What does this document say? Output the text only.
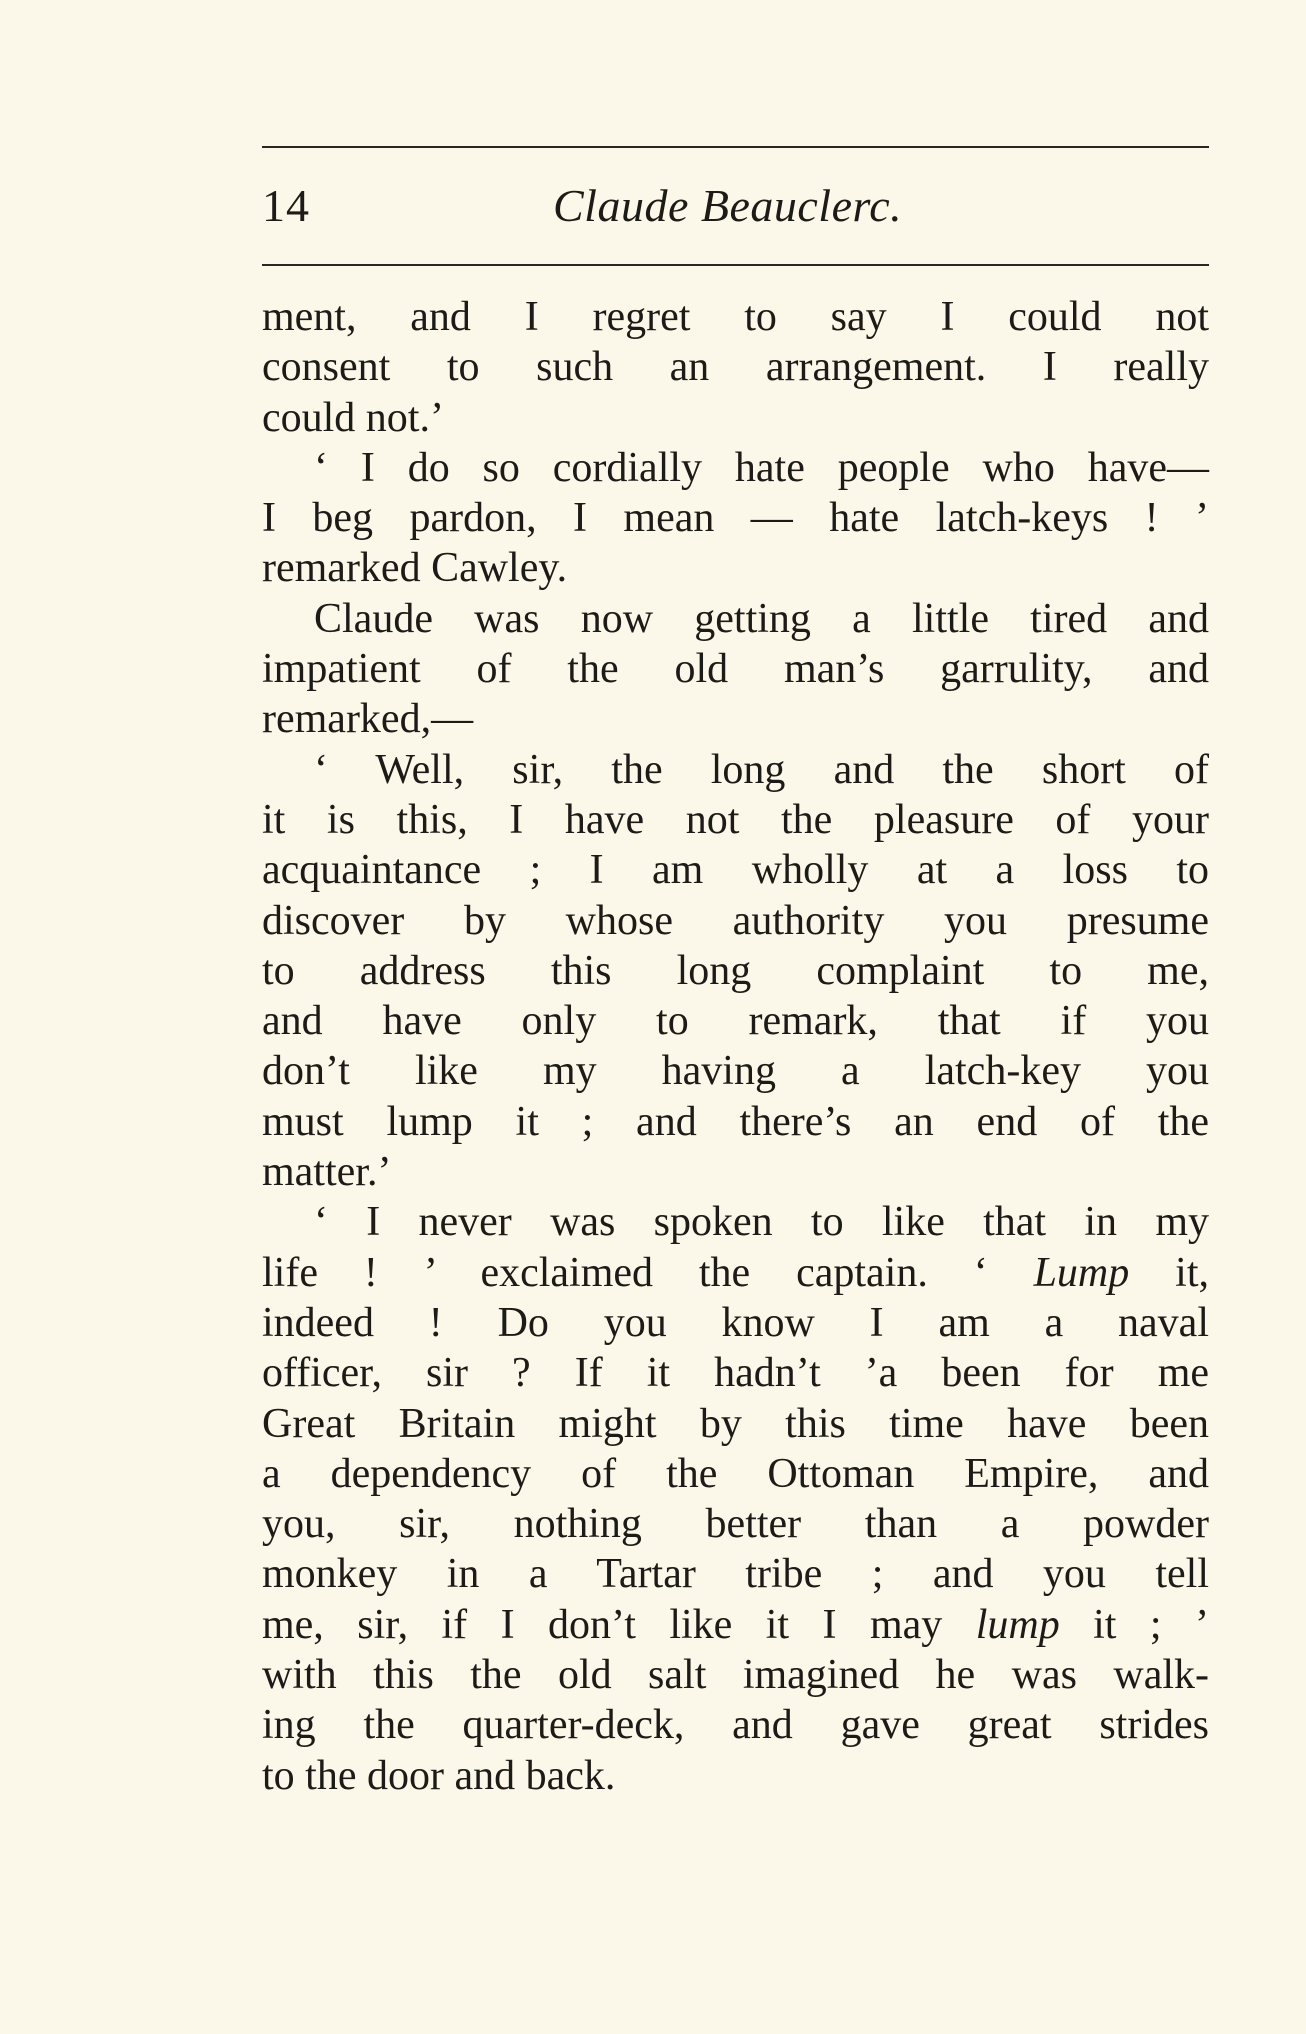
14	Claude Beauclerc.
ment, and I regret to say I could not
consent to such an arrangement. I really
could not.’
‘ I do so cordially hate people who have—
I beg pardon, I mean — hate latch-keys ! ’
remarked Cawley.
Claude was now getting a little tired and
impatient of the old man’s garrulity, and
remarked,—
‘ Well, sir, the long and the short of
it is this, I have not the pleasure of your
acquaintance ; I am wholly at a loss to
discover by whose authority you presume
to address this long complaint to me,
and have only to remark, that if you
don’t like my having a latch-key you
must lump it ; and there’s an end of the
matter.’
‘ I never was spoken to like that in my
life ! ’ exclaimed the captain. ‘ Lump it,
indeed ! Do you know I am a naval
officer, sir ? If it hadn’t ’a been for me
Great Britain might by this time have been
a dependency of the Ottoman Empire, and
you, sir, nothing better than a powder
monkey in a Tartar tribe ; and you tell
me, sir, if I don’t like it I may lump it ; ’
with this the old salt imagined he was walk-
ing the quarter-deck, and gave great strides
to the door and back.
